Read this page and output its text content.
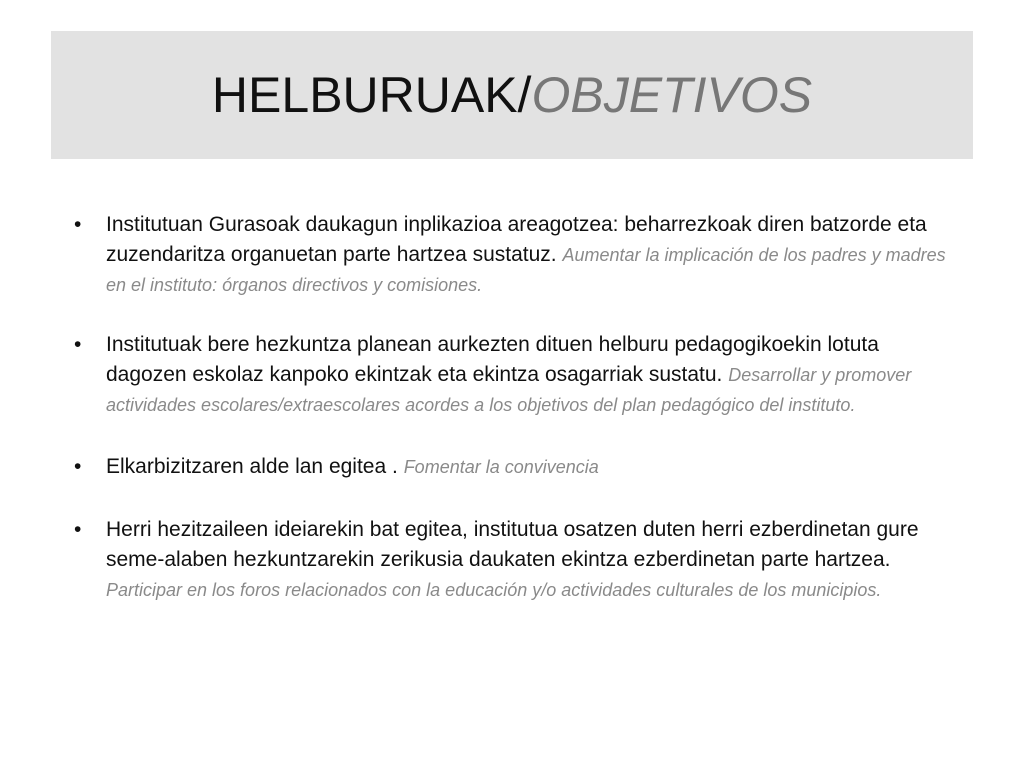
HELBURUAK/OBJETIVOS
• Institutuan Gurasoak daukagun inplikazioa areagotzea: beharrezkoak diren batzorde eta zuzendaritza organuetan parte hartzea sustatuz. Aumentar la implicación de los padres y madres en el instituto: órganos directivos y comisiones.
• Institutuak bere hezkuntza planean aurkezten dituen helburu pedagogikoekin lotuta dagozen eskolaz kanpoko ekintzak eta ekintza osagarriak sustatu. Desarrollar y promover actividades escolares/extraescolares acordes a los objetivos del plan pedagógico del instituto.
• Elkarbizitzaren alde lan egitea . Fomentar la convivencia
• Herri hezitzaileen ideiarekin bat egitea, institutua osatzen duten herri ezberdinetan gure seme-alaben hezkuntzarekin zerikusia daukaten ekintza ezberdinetan parte hartzea. Participar en los foros relacionados con la educación y/o actividades culturales de los municipios.
